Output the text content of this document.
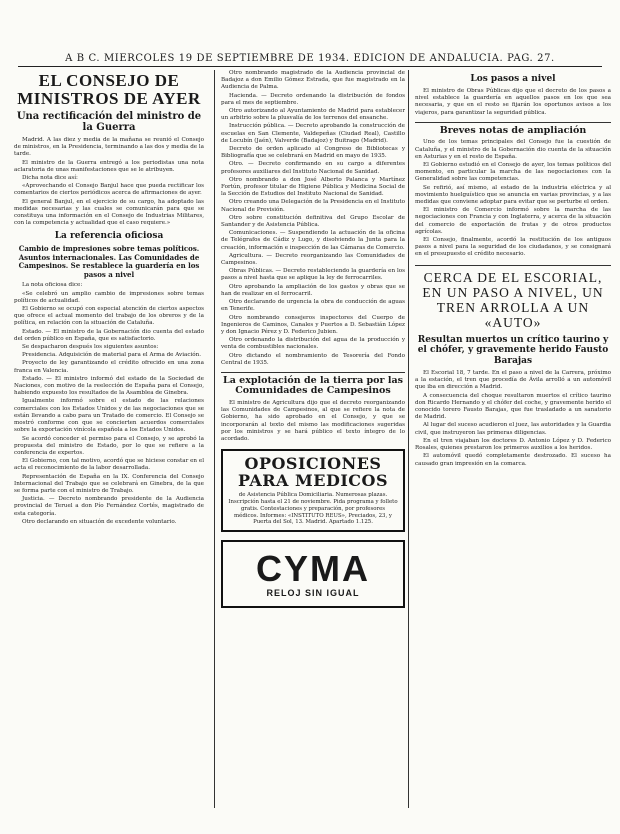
A B C. MIERCOLES 19 DE SEPTIEMBRE DE 1934. EDICION DE ANDALUCIA. PAG. 27.
EL CONSEJO DE MINISTROS DE AYER
Una rectificación del ministro de la Guerra

Madrid. A las diez y media de la mañana se reunió el Consejo de ministros, en la Presidencia, terminando a las dos y media de la tarde.

El ministro de la Guerra entregó a los periodistas una nota aclaratoria de unas manifestaciones que se le atribuyen.

Dicha nota dice así:

«Aprovechando el Consejo Banjul hace que pueda rectificar los comentarios de ciertos periódicos acerca de afirmaciones de ayer.

El general Banjul, en el ejercicio de su cargo, ha adoptado las medidas necesarias y las cuales se comunicarán para que se constituya una información en el Consejo de Industrias Militares, con la competencia y actualidad que el caso requiere.»

La referencia oficiosa
Cambio de impresiones sobre temas políticos. Asuntos internacionales. Las Comunidades de Campesinos. Se restablece la guardería en los pasos a nivel

La nota oficiosa dice:

«Se celebró un amplio cambio de impresiones sobre temas políticos de actualidad.

El Gobierno se ocupó con especial atención de ciertos aspectos que ofrece el actual momento del trabajo de los obreros y de la política, en relación con la situación de Cataluña.

Estado. — El ministro de la Gobernación dio cuenta del estado del orden público en España, que es satisfactorio.

Se despacharon después los siguientes asuntos:

Presidencia. Adquisición de material para el Arma de Aviación.

Proyecto de ley garantizando el crédito ofrecido en una zona franca en Valencia.

Estado. — El ministro informó del estado de la Sociedad de Naciones, con motivo de la reelección de España para el Consejo, habiendo expuesto los resultados de la Asamblea de Ginebra.

Igualmente informó sobre el estado de las relaciones comerciales con los Estados Unidos y de las negociaciones que se están llevando a cabo para un Tratado de comercio. El Consejo se mostró conforme con que se concierten acuerdos comerciales sobre la exportación vinícola española a los Estados Unidos.

Se acordó conceder el permiso para el Consejo, y se aprobó la propuesta del ministro de Estado, por lo que se refiere a la conferencia de expertos.

El Gobierno, con tal motivo, acordó que se hiciese constar en el acta el reconocimiento de la labor desarrollada.

Representación de España en la IX. Conferencia del Consejo Internacional del Trabajo que se celebrará en Ginebra, de la que se forma parte con el ministro de Trabajo.

Justicia. — Decreto nombrando presidente de la Audiencia provincial de Teruel a don Pío Fernández Cortés, magistrado de esta categoría.

Otro declarando en situación de excedente voluntario.

Otro nombrando magistrado de la Audiencia provincial de Badajoz a don Emilio Gómez Estrada, que fue magistrado en la Audiencia de Palma.

Hacienda. — Decreto ordenando la distribución de fondos para el mes de septiembre.

Otro autorizando al Ayuntamiento de Madrid para establecer un arbitrio sobre la plusvalía de los terrenos del ensanche.

Instrucción pública. — Decreto aprobando la construcción de escuelas en San Clemente, Valdepeñas (Ciudad Real), Castillo de Locubín (Jaén), Valverde (Badajoz) y Buitrago (Madrid).

Decreto de orden aplicado al Congreso de Bibliotecas y Bibliografía que se celebrará en Madrid en mayo de 1935.

Otro. — Decreto confirmando en su cargo a diferentes profesores auxiliares del Instituto Nacional de Sanidad.

Otro nombrando a don José Alberto Palanca y Martínez Fortún, profesor titular de Higiene Pública y Medicina Social de la Sección de Estudios del Instituto Nacional de Sanidad.

Otro creando una Delegación de la Presidencia en el Instituto Nacional de Previsión.

Otro sobre constitución definitiva del Grupo Escolar de Santander y de Asistencia Pública.

Comunicaciones. — Suspendiendo la actuación de la oficina de Telégrafos de Cádiz y Lugo, y disolviendo la Junta para la creación, información e inspección de las Cámaras de Comercio.

Agricultura. — Decreto reorganizando las Comunidades de Campesinos.

Obras Públicas. — Decreto restableciendo la guardería en los pasos a nivel hasta que se aplique la ley de ferrocarriles.

Otro aprobando la ampliación de los gastos y obras que se han de realizar en el ferrocarril.

Otro declarando de urgencia la obra de conducción de aguas en Tenerife.

Otro nombrando consejeros inspectores del Cuerpo de Ingenieros de Caminos, Canales y Puertos a D. Sebastián López y don Ignacio Pérez y D. Federico Jubien.

Otro ordenando la distribución del agua de la producción y venta de combustibles nacionales.

Otro dictando el nombramiento de Tesorería del Fondo Central de 1935.

La explotación de la tierra por las Comunidades de Campesinos

El ministro de Agricultura dijo que el decreto reorganizando las Comunidades de Campesinos, al que se refiere la nota de Gobierno, ha sido aprobado en el Consejo, y que se incorporarán al texto del mismo las modificaciones sugeridas por los ministros y se hará público el texto íntegro de lo acordado.

OPOSICIONES PARA MEDICOS
de Asistencia Pública Domiciliaria. Numerosas plazas. Inscripción hasta el 21 de noviembre. Pida programa y folleto gratis. Contestaciones y preparación, por profesores médicos. Informes: «INSTITUTO REUS», Preciados, 23, y Puerta del Sol, 13. Madrid. Apartado 1.125.
CYMA
RELOJ SIN IGUAL
Los pasos a nivel

El ministro de Obras Públicas dijo que el decreto de los pasos a nivel establece la guardería en aquellos pasos en los que sea necesaria, y que en el resto se fijarán los oportunos avisos a los viajeros, para garantizar la seguridad pública.

Breves notas de ampliación

Uno de los temas principales del Consejo fue la cuestión de Cataluña, y el ministro de la Gobernación dio cuenta de la situación en Asturias y en el resto de España.

El Gobierno estudió en el Consejo de ayer, los temas políticos del momento, en particular la marcha de las negociaciones con la Generalidad sobre las competencias.

Se refirió, así mismo, al estado de la industria eléctrica y al movimiento huelguístico que se anuncia en varias provincias, y a las medidas que conviene adoptar para evitar que se perturbe el orden.

El ministro de Comercio informó sobre la marcha de las negociaciones con Francia y con Inglaterra, y acerca de la situación del comercio de exportación de frutas y de otros productos agrícolas.

El Consejo, finalmente, acordó la restitución de los antiguos pasos a nivel para la seguridad de los ciudadanos, y se consignará en el presupuesto el crédito necesario.

CERCA DE EL ESCORIAL, EN UN PASO A NIVEL, UN TREN ARROLLA A UN «AUTO»
Resultan muertos un crítico taurino y el chófer, y gravemente herido Fausto Barajas

El Escorial 18, 7 tarde. En el paso a nivel de la Carrera, próximo a la estación, el tren que procedía de Ávila arrolló a un automóvil que iba en dirección a Madrid.

A consecuencia del choque resultaron muertos el crítico taurino don Ricardo Hernando y el chófer del coche, y gravemente herido el conocido torero Fausto Barajas, que fue trasladado a un sanatorio de Madrid.

Al lugar del suceso acudieron el juez, las autoridades y la Guardia civil, que instruyeron las primeras diligencias.

En el tren viajaban los doctores D. Antonio López y D. Federico Rosales, quienes prestaron los primeros auxilios a los heridos.

El automóvil quedó completamente destrozado. El suceso ha causado gran impresión en la comarca.
